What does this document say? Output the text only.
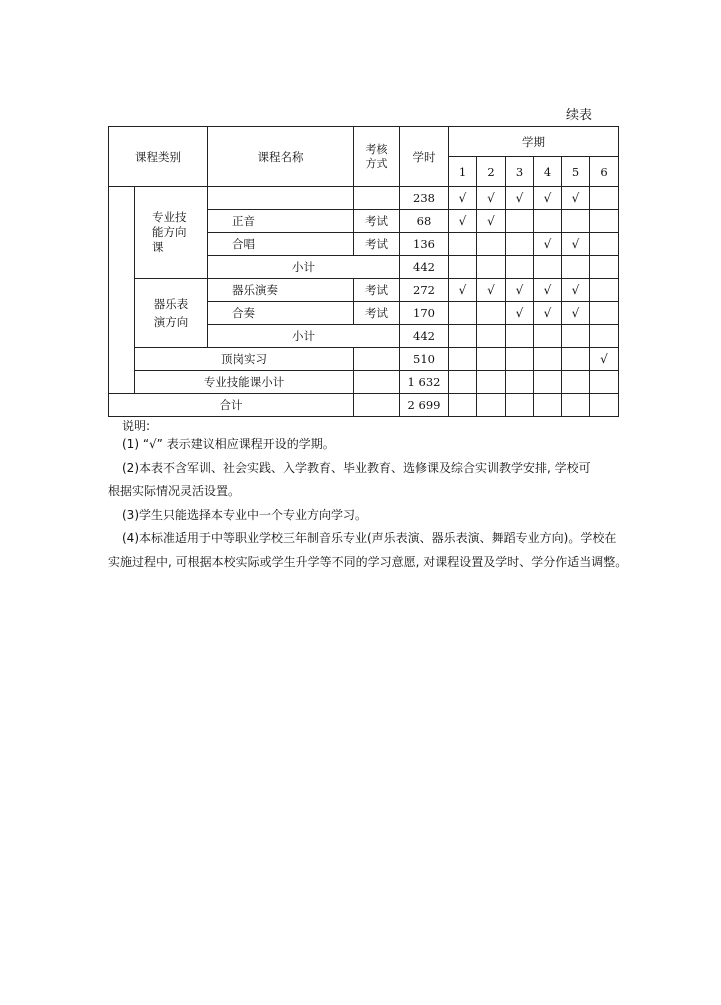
续表
课程类别		课程名称	考核
方式	学时	学期					
					1	2	3	4	5	6
	专业技能方向课			238	√	√	√	√	√	
		正音	考试	68	√	√				
		合唱	考试	136				√	√	
		小计		442						
	器乐表演方向	器乐演奏	考试	272	√	√	√	√	√	
		合奏	考试	170			√	√	√	
		小计		442						
	顶岗实习			510						√
	专业技能课小计			1 632						
合计				2 699						
说明:
(1) “√” 表示建议相应课程开设的学期。
(2)本表不含军训、社会实践、入学教育、毕业教育、选修课及综合实训教学安排, 学校可
根据实际情况灵活设置。
(3)学生只能选择本专业中一个专业方向学习。
(4)本标准适用于中等职业学校三年制音乐专业(声乐表演、器乐表演、舞蹈专业方向)。学校在
实施过程中, 可根据本校实际或学生升学等不同的学习意愿, 对课程设置及学时、学分作适当调整。
